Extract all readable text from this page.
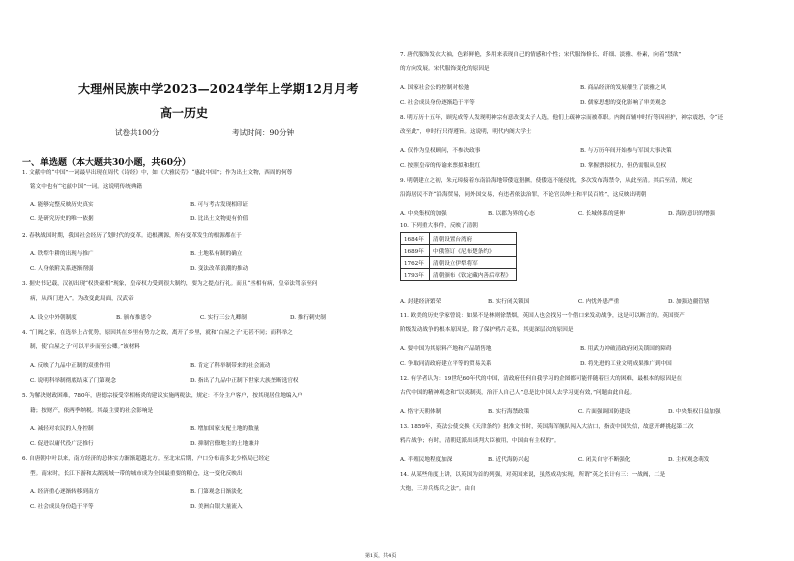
大理州民族中学2023—2024学年上学期12月月考
高一历史
试卷共100分	考试时间：90分钟
一、单选题（本大题共30小题，共60分）
1. 文献中的“中国”一词最早出现在周代《诗经》中，如《大雅民劳》“惠此中国”；作为出土文物，西周的何尊
铭文中也有“宅兹中国”一词。这说明传统典籍
A. 能够完整反映历史真实	B. 可与考古发现相印证
C. 是研究历史的唯一依据	D. 比出土文物更有价值
2. 春秋战国时期，我国社会经历了划时代的变革。追根溯源，所有变革发生的根源都在于
A. 铁犁牛耕的出现与推广	B. 土地私有制的确立
C. 人身依附关系逐渐削弱	D. 变法改革浪潮的推动
3. 据史书记载，汉初出现“权贵豪相”现象，皇帝权力受到很大制约，要为之提点行礼。而且“丞相有病，皇帝法驾亲至问
病，从西门进入”。为改变此局面，汉武帝
A. 设立中外朝制度	B. 颁布推恩令	C. 实行三公九卿制	D. 推行刺史制
4. “门阀之家，在选举上占优势，原因其在乡里有势力之故，离开了乡里，就和‘白屋之子’无甚不同；而科举之
制，使‘白屋之子’可以平步而至公卿。”该材料
A. 反映了九品中正制的双重作用	B. 肯定了科举制带来的社会流动
C. 说明科举制彻底结束了门第观念	D. 指出了九品中正制下世家大族垄断选官权
5. 为解决财政困难，780年，唐德宗接受宰相杨炎的建议实施两税法，规定：不分主户客户，按其现居住地编入户
籍；按财产，依两季纳税。其最主要的社会影响是
A. 减轻对农民的人身控制	B. 增加国家支配土地的数量
C. 促进以庸代役广泛推行	D. 抑制官僚地主的土地兼并
6. 自唐朝中叶以来，南方经济的总体实力渐渐超越北方。至北宋后期，户口分布南多北少格局已经定
型。南宋时，长江下游和太湖流域一带的城市成为全国最重要的粮仓，这一变化反映出
A. 经济重心逐渐转移到南方	B. 门第观念日渐淡化
C. 社会成员身份趋于平等	D. 美洲白银大量流入
7. 唐代服饰发衣大袖，色彩鲜艳，多用来表现自己的情感和个性；宋代服饰修长、纤细、淡雅、朴素，向着“禁欲”
的方向发展。宋代服饰变化的原因是
A. 国家社会公的控制对松弛	B. 商品经济的发展催生了淡雅之风
C. 社会成员身份逐渐趋于平等	D. 儒家思想的变化影响了审美观念
8. 明万历十五年，顾宪成等人发现明神宗有意改变太子人选，他们上疏神宗而被革职。内阁首辅申时行等因袒护，神宗震怒，令“还
改至此”，申时行只得遵旨。这说明，明代内阁大学士
A. 仅作为皇权顾问，不参决政事	B. 与万历年间开始参与军国大事决策
C. 按照皇帝的传谕来票拟和批红	D. 掌握票拟权力，但仍需服从皇权
9. 明朝建立之初，朱元璋接着东南沿海地带倭寇猖獗，使倭寇不能侵扰，多次发布海禁令，从此至清。其后至清，规定
沿海居民不许“沿海贸易，同外国交易，有违者依法治罪，不论官员绅士和平民百姓”，这反映出明朝
A. 中央集权的加强	B. 以郡为界的心态	C. 长城体系的延伸	D. 海防意识的增强
10. 下列重大事件，反映了清朝
1684年	清朝设置台湾府
1689年	中俄签订《尼布楚条约》
1762年	清朝设立伊犁将军
1793年	清朝颁布《钦定藏内善后章程》
A. 封建经济繁荣	B. 实行闭关锁国	C. 内忧外患严重	D. 加强边疆管辖
11. 欧美的历史学家曾说：如果不是林则徐禁烟，英国人也会找另一个借口来发动战争，这是可以断言的。英国资产
阶级发动战争的根本原因是，除了保护鸦片走私，其更深层次的原因是
A. 要中国为其原料产地和产品销售地	B. 用武力冲破清政府闭关锁国的障碍
C. 争取同清政府建立平等的贸易关系	D. 将先进的工业文明成果推广到中国
12. 有学者认为：19世纪60年代的中国，清政府任何自我学习的企图都可能伴随着巨大的困难，最根本的原因是在
古代中国的精神观念和“以夷制夷，治汗人自己人”总是比中国人去学习更有效，”问题由此自起。
A. 恪守天朝体制	B. 实行海禁政策	C. 片面强调国防建设	D. 中央集权日益加强
13. 1859年，英法公使交换《天津条约》批准文书时，英国海军舰队闯入大沽口，指责中国失信，故意开衅挑起第二次
鸦片战争；有时，清朝廷派出谈判大臣被用，中国由有主权的”。
A. 半殖民地程度加深	B. 近代海防兴起	C. 闭关自守不断强化	D. 主权观念萌发
14. 从某些角度上讲，以英国为首的列强，对英国来说，虽然成功实现，所谓“英之长计有三：一战阀，二是
大炮，三并兵炼兵之法”。由自
第1页，共4页
